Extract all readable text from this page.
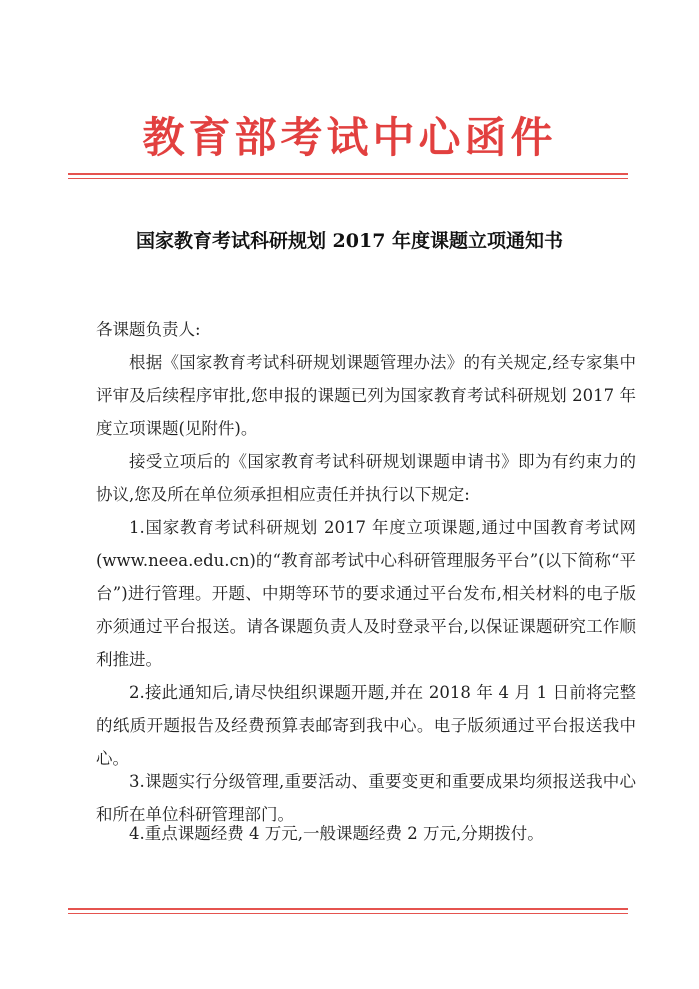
教育部考试中心函件
国家教育考试科研规划 2017 年度课题立项通知书
各课题负责人:

根据《国家教育考试科研规划课题管理办法》的有关规定,经专家集中评审及后续程序审批,您申报的课题已列为国家教育考试科研规划 2017 年度立项课题(见附件)。

接受立项后的《国家教育考试科研规划课题申请书》即为有约束力的协议,您及所在单位须承担相应责任并执行以下规定:

1.国家教育考试科研规划 2017 年度立项课题,通过中国教育考试网(www.neea.edu.cn)的“教育部考试中心科研管理服务平台”(以下简称“平台”)进行管理。开题、中期等环节的要求通过平台发布,相关材料的电子版亦须通过平台报送。请各课题负责人及时登录平台,以保证课题研究工作顺利推进。

2.接此通知后,请尽快组织课题开题,并在 2018 年 4 月 1 日前将完整的纸质开题报告及经费预算表邮寄到我中心。电子版须通过平台报送我中心。

3.课题实行分级管理,重要活动、重要变更和重要成果均须报送我中心和所在单位科研管理部门。

4.重点课题经费 4 万元,一般课题经费 2 万元,分期拨付。
